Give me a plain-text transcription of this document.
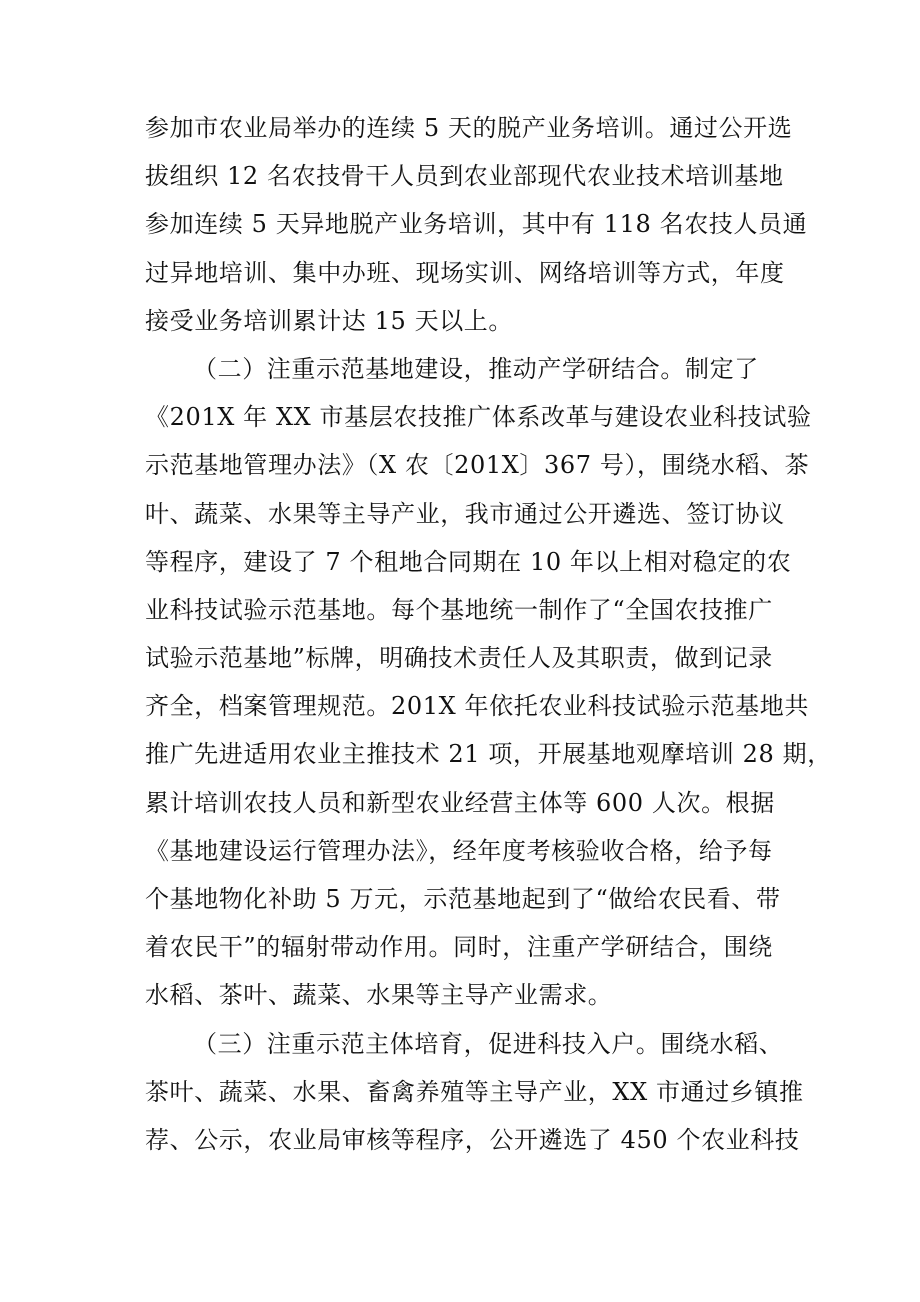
参加市农业局举办的连续 5 天的脱产业务培训。通过公开选
拔组织 12 名农技骨干人员到农业部现代农业技术培训基地
参加连续 5 天异地脱产业务培训，其中有 118 名农技人员通
过异地培训、集中办班、现场实训、网络培训等方式，年度
接受业务培训累计达 15 天以上。
（二）注重示范基地建设，推动产学研结合。制定了
《201X 年 XX 市基层农技推广体系改革与建设农业科技试验
示范基地管理办法》（X 农〔201X〕367 号），围绕水稻、茶
叶、蔬菜、水果等主导产业，我市通过公开遴选、签订协议
等程序，建设了 7 个租地合同期在 10 年以上相对稳定的农
业科技试验示范基地。每个基地统一制作了“全国农技推广
试验示范基地”标牌，明确技术责任人及其职责，做到记录
齐全，档案管理规范。201X 年依托农业科技试验示范基地共
推广先进适用农业主推技术 21 项，开展基地观摩培训 28 期，
累计培训农技人员和新型农业经营主体等 600 人次。根据
《基地建设运行管理办法》，经年度考核验收合格，给予每
个基地物化补助 5 万元，示范基地起到了“做给农民看、带
着农民干”的辐射带动作用。同时，注重产学研结合，围绕
水稻、茶叶、蔬菜、水果等主导产业需求。
（三）注重示范主体培育，促进科技入户。围绕水稻、
茶叶、蔬菜、水果、畜禽养殖等主导产业，XX 市通过乡镇推
荐、公示，农业局审核等程序，公开遴选了 450 个农业科技
